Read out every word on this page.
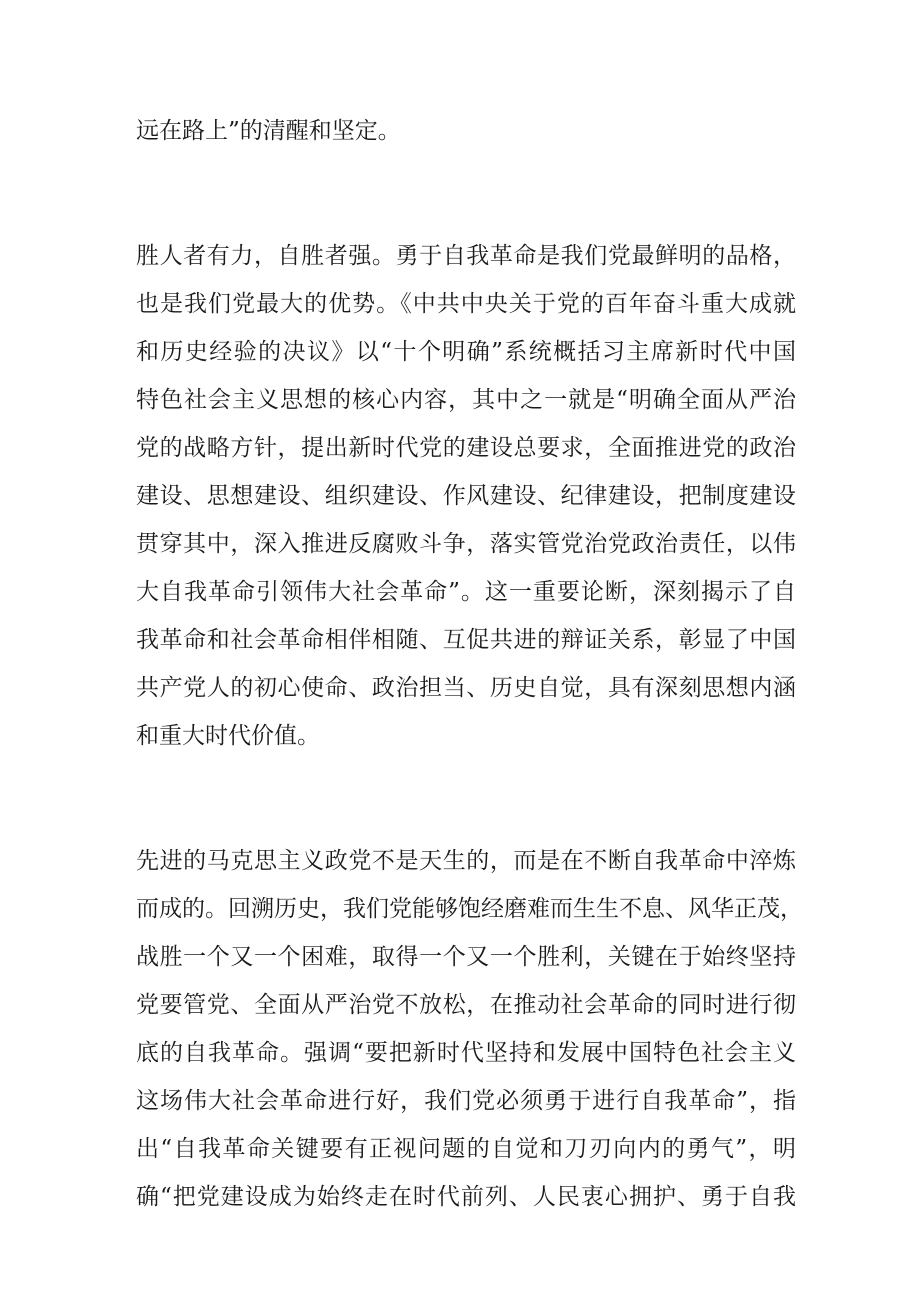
远在路上”的清醒和坚定。
胜人者有力，自胜者强。勇于自我革命是我们党最鲜明的品格，
也是我们党最大的优势。《中共中央关于党的百年奋斗重大成就
和历史经验的决议》以“十个明确”系统概括习主席新时代中国
特色社会主义思想的核心内容，其中之一就是“明确全面从严治
党的战略方针，提出新时代党的建设总要求，全面推进党的政治
建设、思想建设、组织建设、作风建设、纪律建设，把制度建设
贯穿其中，深入推进反腐败斗争，落实管党治党政治责任，以伟
大自我革命引领伟大社会革命”。这一重要论断，深刻揭示了自
我革命和社会革命相伴相随、互促共进的辩证关系，彰显了中国
共产党人的初心使命、政治担当、历史自觉，具有深刻思想内涵
和重大时代价值。
先进的马克思主义政党不是天生的，而是在不断自我革命中淬炼
而成的。回溯历史，我们党能够饱经磨难而生生不息、风华正茂，
战胜一个又一个困难，取得一个又一个胜利，关键在于始终坚持
党要管党、全面从严治党不放松，在推动社会革命的同时进行彻
底的自我革命。强调“要把新时代坚持和发展中国特色社会主义
这场伟大社会革命进行好，我们党必须勇于进行自我革命”，指
出“自我革命关键要有正视问题的自觉和刀刃向内的勇气”，明
确“把党建设成为始终走在时代前列、人民衷心拥护、勇于自我
